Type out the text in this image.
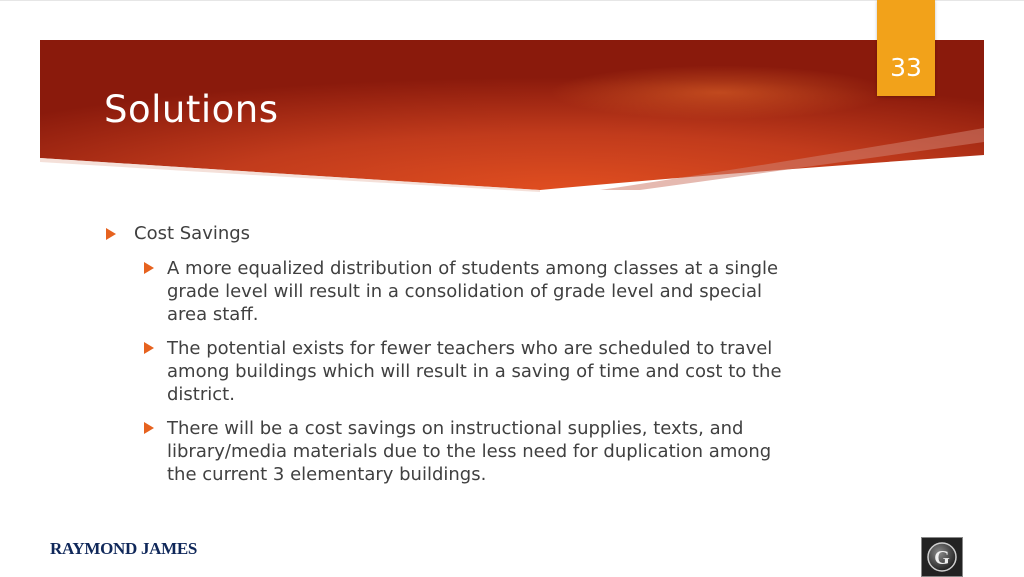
Solutions
33
Cost Savings
A more equalized distribution of students among classes at a single grade level will result in a consolidation of grade level and special area staff.
The potential exists for fewer teachers who are scheduled to travel among buildings which will result in a saving of time and cost to the district.
There will be a cost savings on instructional supplies, texts, and library/media materials due to the less need for duplication among the current 3 elementary buildings.
RAYMOND JAMES	G
